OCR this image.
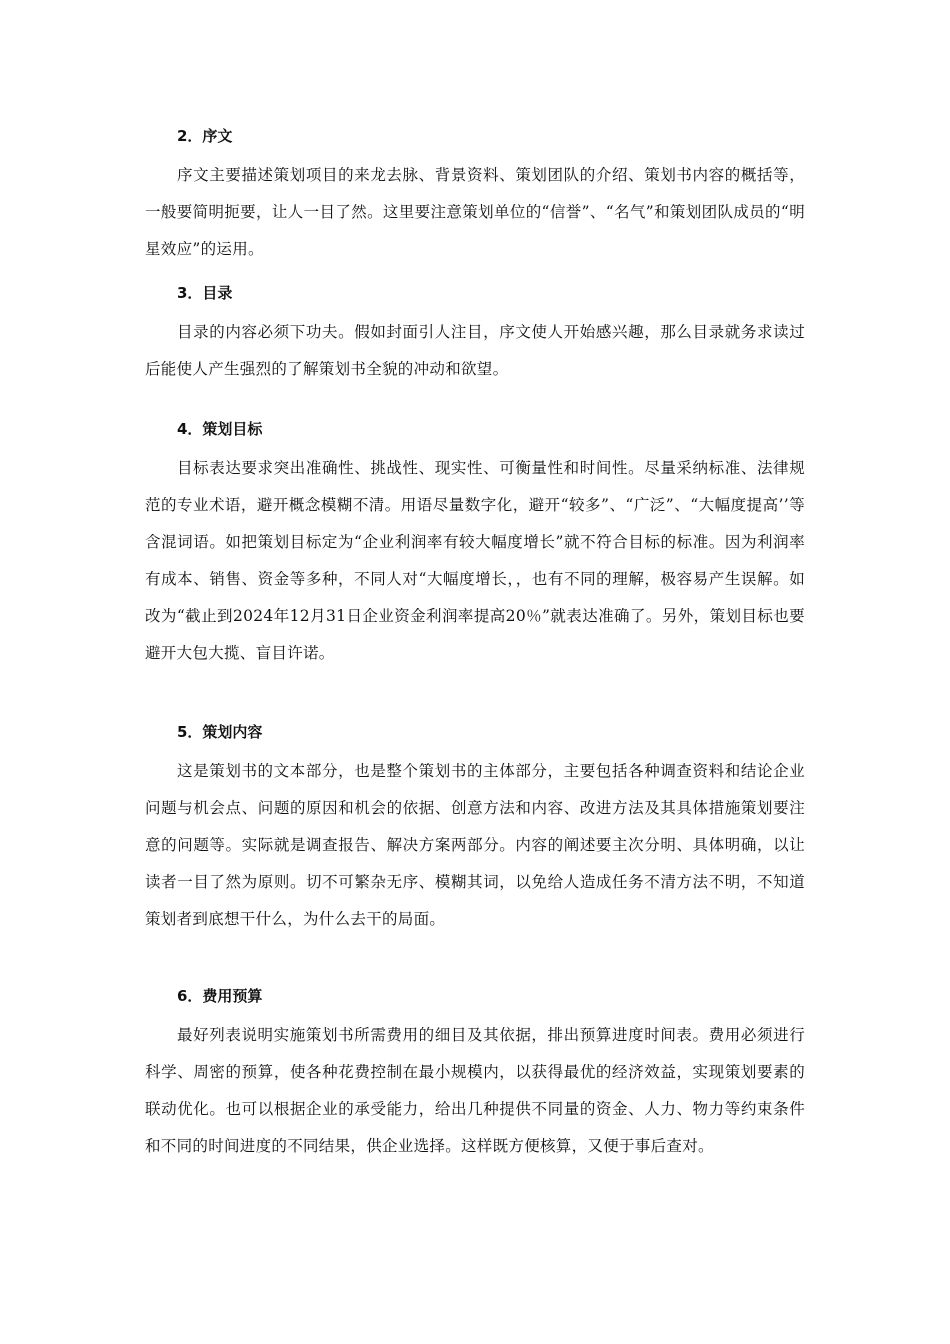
2．序文

序文主要描述策划项目的来龙去脉、背景资料、策划团队的介绍、策划书内容的概括等，一般要简明扼要，让人一目了然。这里要注意策划单位的“信誉”、“名气”和策划团队成员的“明星效应”的运用。

3．目录

目录的内容必须下功夫。假如封面引人注目，序文使人开始感兴趣，那么目录就务求读过后能使人产生强烈的了解策划书全貌的冲动和欲望。

4．策划目标

目标表达要求突出准确性、挑战性、现实性、可衡量性和时间性。尽量采纳标准、法律规范的专业术语，避开概念模糊不清。用语尽量数字化，避开“较多”、“广泛”、“大幅度提高’’等含混词语。如把策划目标定为“企业利润率有较大幅度增长”就不符合目标的标准。因为利润率有成本、销售、资金等多种，不同人对“大幅度增长，，也有不同的理解，极容易产生误解。如改为“截止到2024年12月31日企业资金利润率提高20％”就表达准确了。另外，策划目标也要避开大包大揽、盲目许诺。

5．策划内容

这是策划书的文本部分，也是整个策划书的主体部分，主要包括各种调查资料和结论企业问题与机会点、问题的原因和机会的依据、创意方法和内容、改进方法及其具体措施策划要注意的问题等。实际就是调查报告、解决方案两部分。内容的阐述要主次分明、具体明确，以让读者一目了然为原则。切不可繁杂无序、模糊其词，以免给人造成任务不清方法不明，不知道策划者到底想干什么，为什么去干的局面。

6．费用预算

最好列表说明实施策划书所需费用的细目及其依据，排出预算进度时间表。费用必须进行科学、周密的预算，使各种花费控制在最小规模内，以获得最优的经济效益，实现策划要素的联动优化。也可以根据企业的承受能力，给出几种提供不同量的资金、人力、物力等约束条件和不同的时间进度的不同结果，供企业选择。这样既方便核算，又便于事后查对。
